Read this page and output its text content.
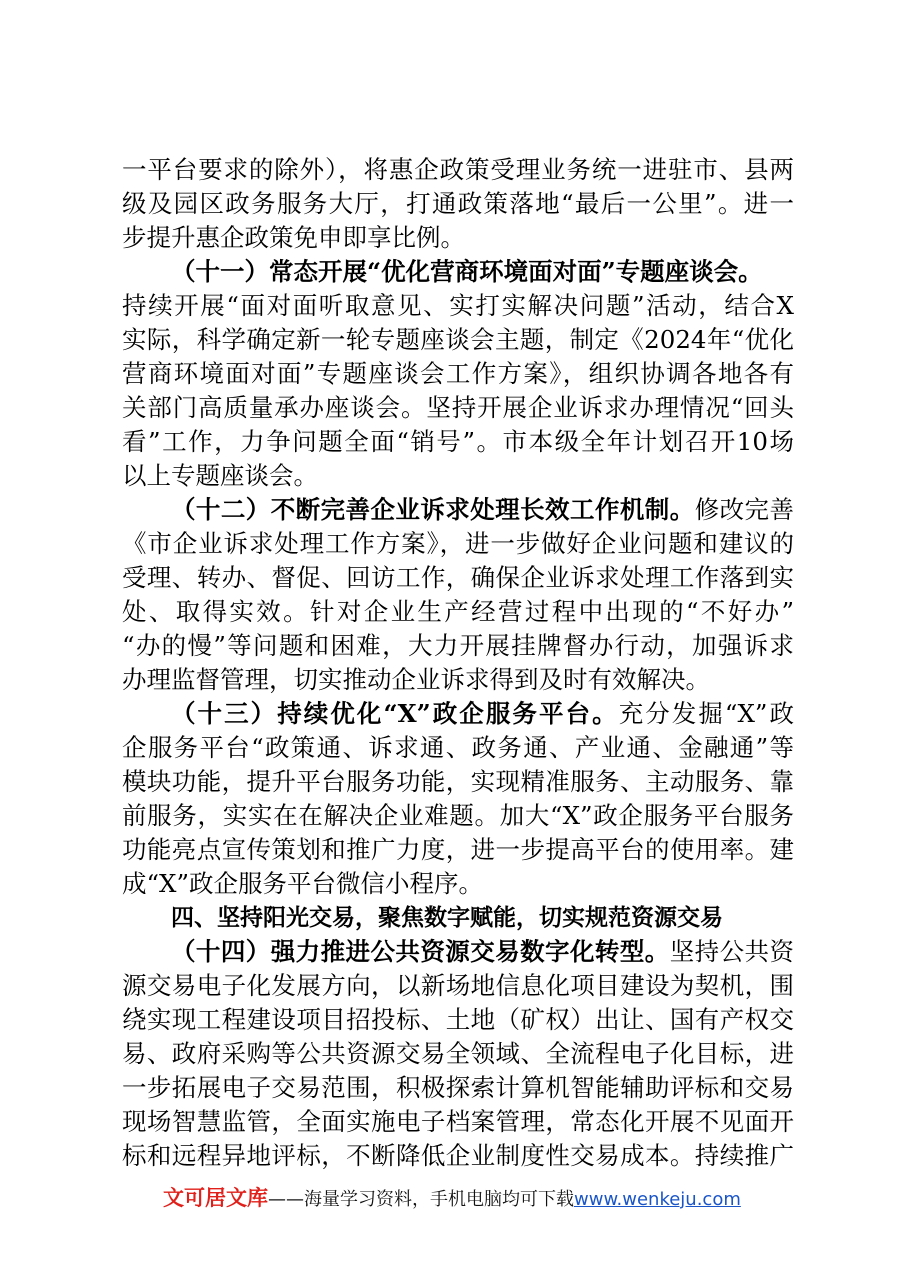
一平台要求的除外），将惠企政策受理业务统一进驻市、县两
级及园区政务服务大厅，打通政策落地“最后一公里”。进一
步提升惠企政策免申即享比例。
（十一）常态开展“优化营商环境面对面”专题座谈会。
持续开展“面对面听取意见、实打实解决问题”活动，结合X
实际，科学确定新一轮专题座谈会主题，制定《2024年“优化
营商环境面对面”专题座谈会工作方案》，组织协调各地各有
关部门高质量承办座谈会。坚持开展企业诉求办理情况“回头
看”工作，力争问题全面“销号”。市本级全年计划召开10场
以上专题座谈会。
（十二）不断完善企业诉求处理长效工作机制。修改完善
《市企业诉求处理工作方案》，进一步做好企业问题和建议的
受理、转办、督促、回访工作，确保企业诉求处理工作落到实
处、取得实效。针对企业生产经营过程中出现的“不好办”
“办的慢”等问题和困难，大力开展挂牌督办行动，加强诉求
办理监督管理，切实推动企业诉求得到及时有效解决。
（十三）持续优化“X”政企服务平台。充分发掘“X”政
企服务平台“政策通、诉求通、政务通、产业通、金融通”等
模块功能，提升平台服务功能，实现精准服务、主动服务、靠
前服务，实实在在解决企业难题。加大“X”政企服务平台服务
功能亮点宣传策划和推广力度，进一步提高平台的使用率。建
成“X”政企服务平台微信小程序。
四、坚持阳光交易，聚焦数字赋能，切实规范资源交易
（十四）强力推进公共资源交易数字化转型。坚持公共资
源交易电子化发展方向，以新场地信息化项目建设为契机，围
绕实现工程建设项目招投标、土地（矿权）出让、国有产权交
易、政府采购等公共资源交易全领域、全流程电子化目标，进
一步拓展电子交易范围，积极探索计算机智能辅助评标和交易
现场智慧监管，全面实施电子档案管理，常态化开展不见面开
标和远程异地评标，不断降低企业制度性交易成本。持续推广
文可居文库——海量学习资料，手机电脑均可下载www.wenkeju.com
